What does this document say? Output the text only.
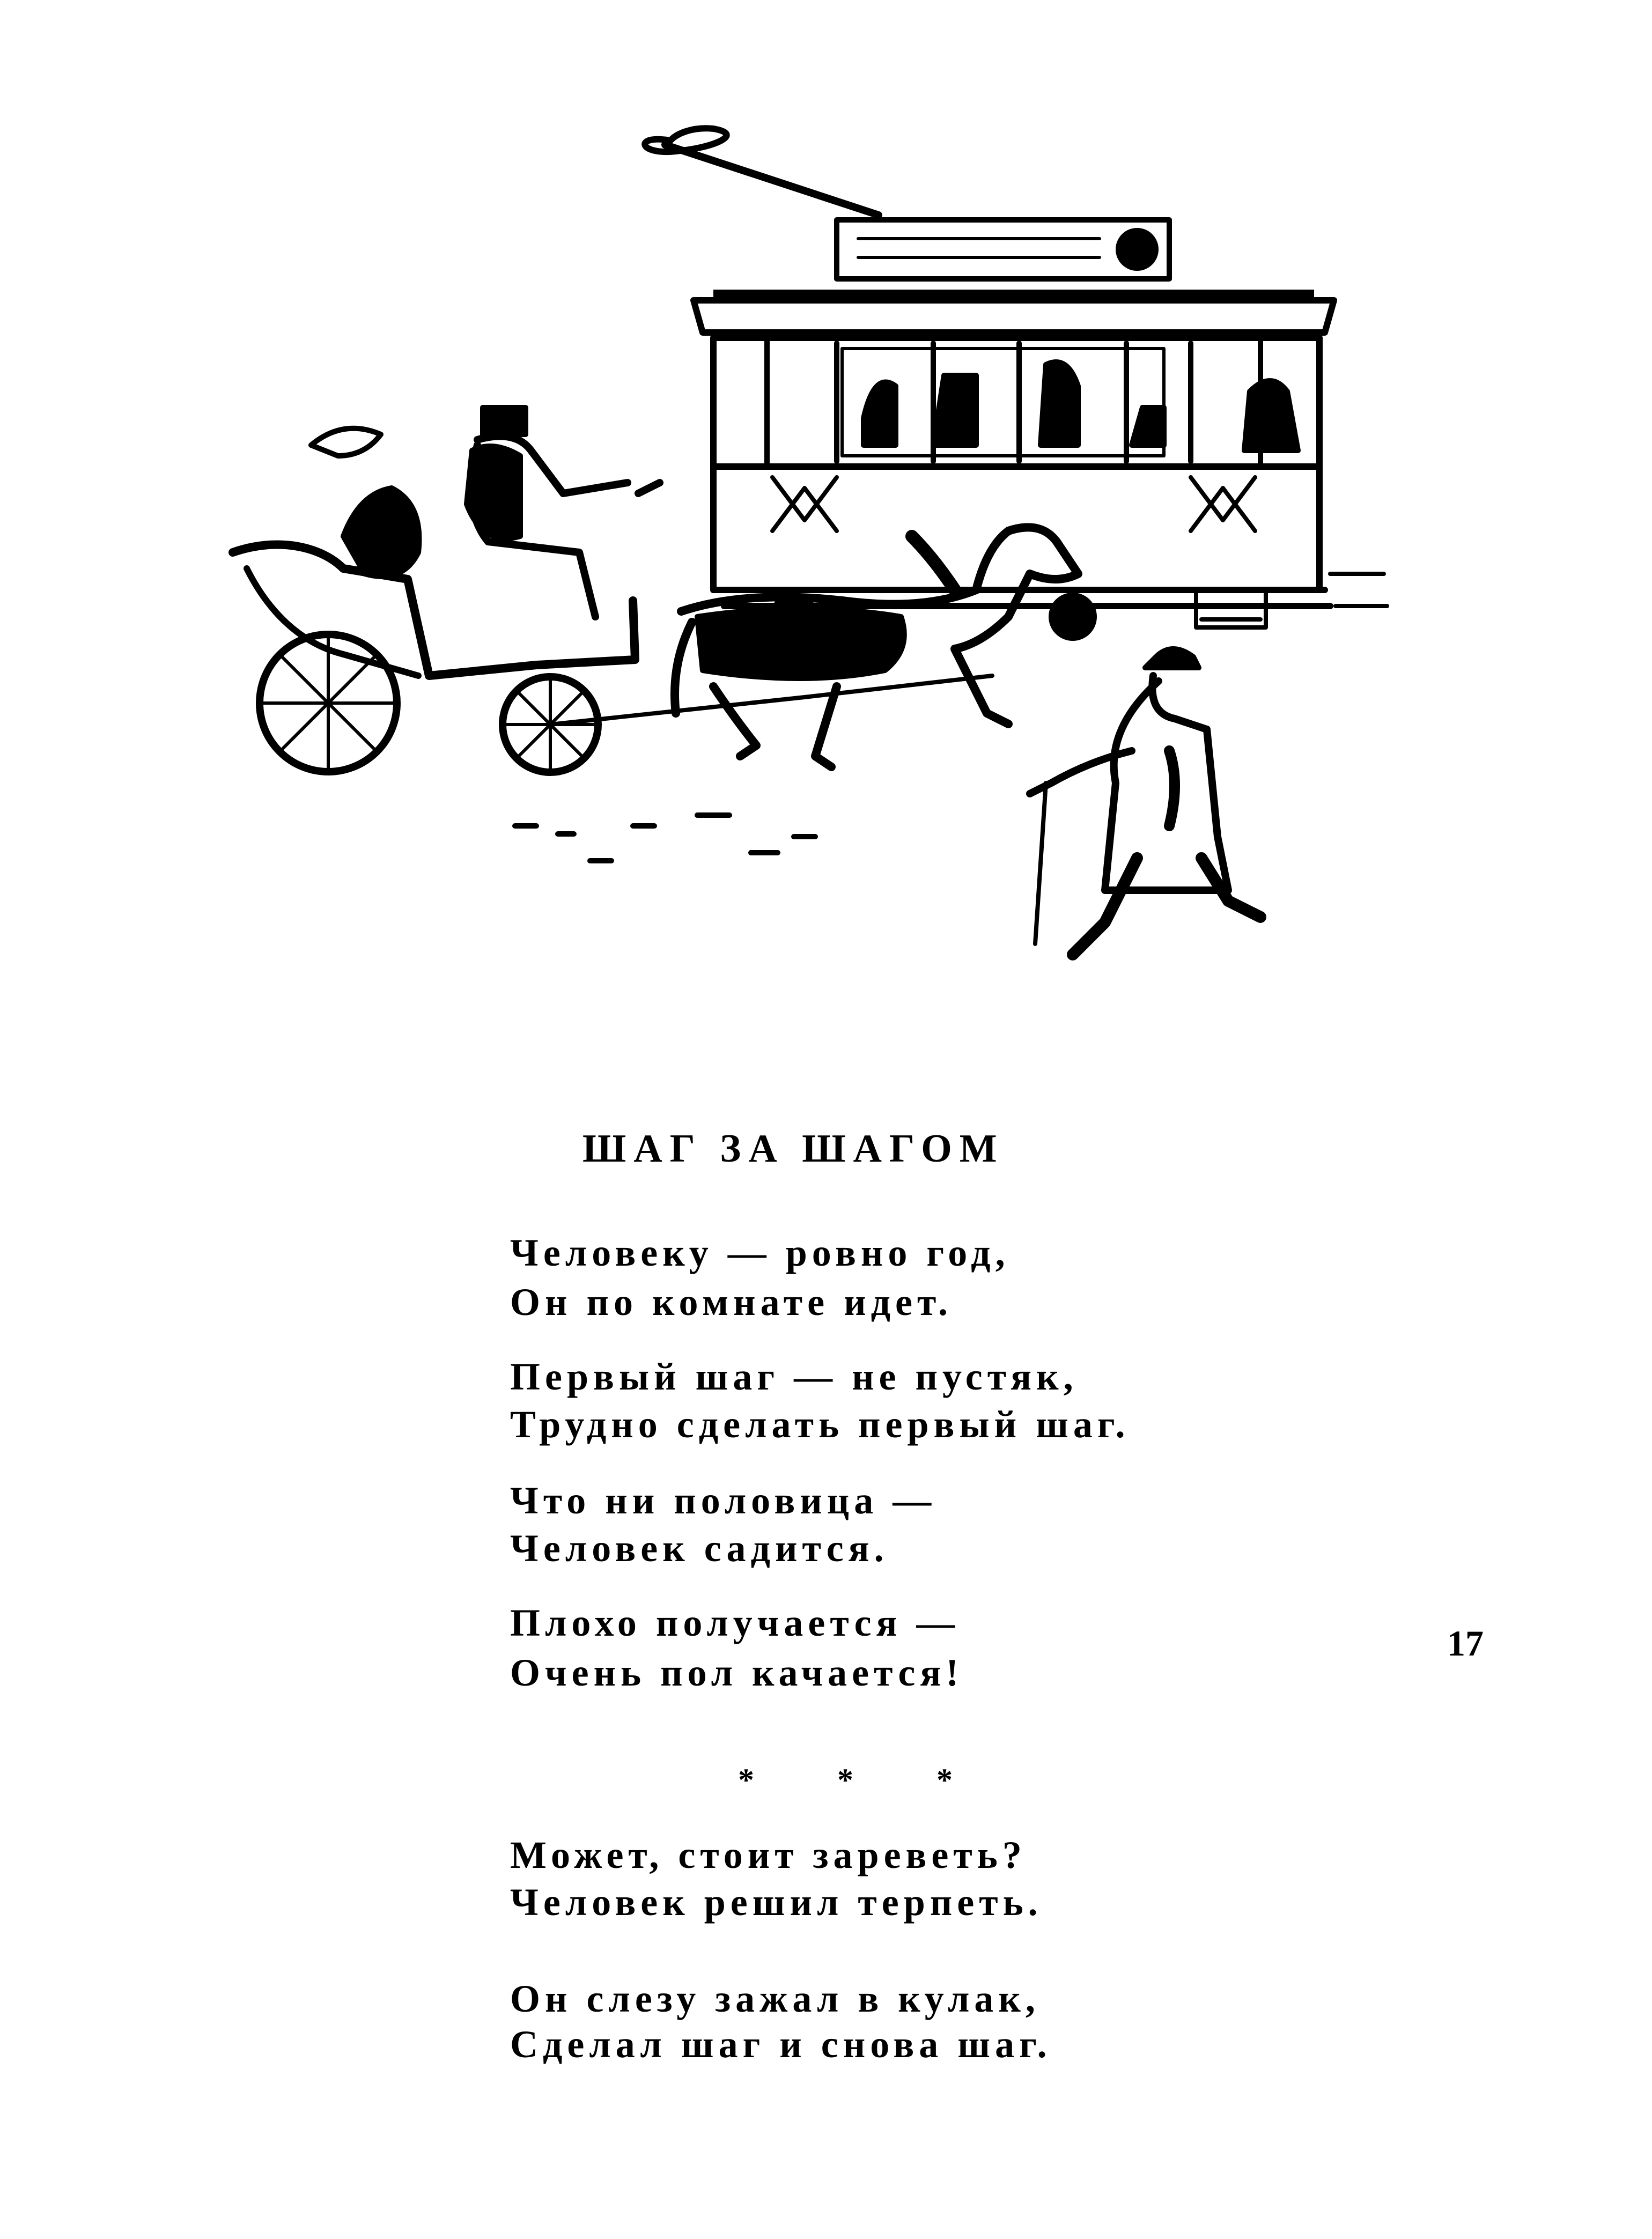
ШАГ ЗА ШАГОМ
Человеку — ровно год,
Он по комнате идет.
Первый шаг — не пустяк,
Трудно сделать первый шаг.
Что ни половица —
Человек садится.
Плохо получается —
Очень пол качается!
* * *
Может, стоит зареветь?
Человек решил терпеть.
Он слезу зажал в кулак,
Сделал шаг и снова шаг.
17
